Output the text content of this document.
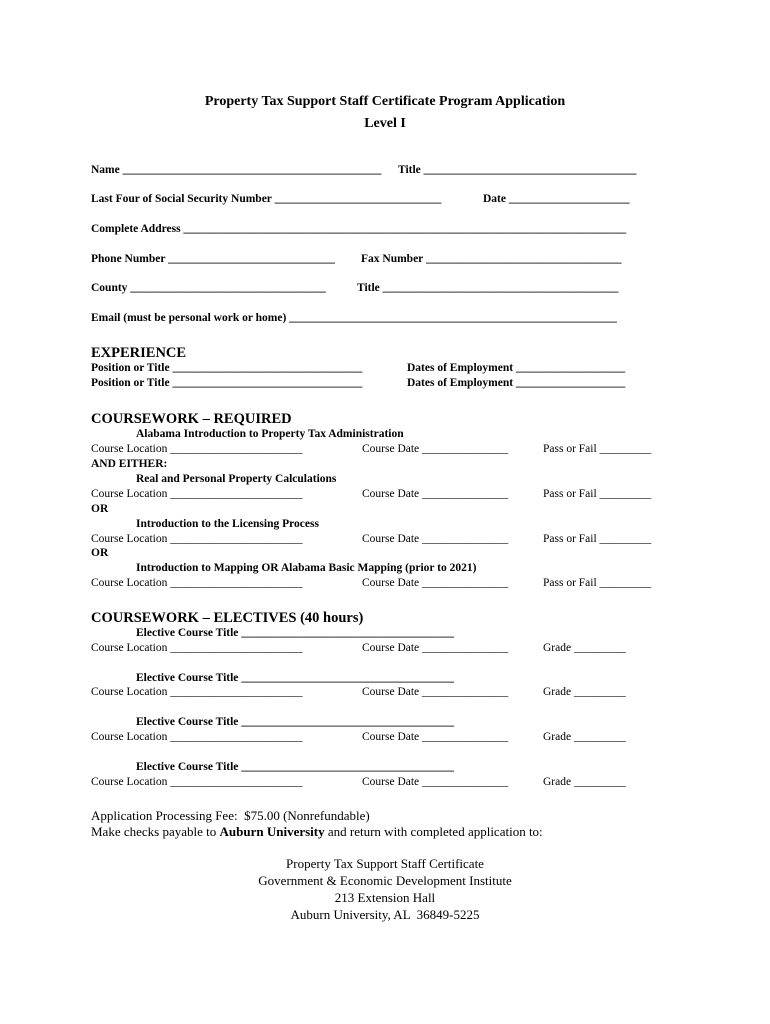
Property Tax Support Staff Certificate Program Application
Level I
Name _____________________________________________ Title _____________________________________
Last Four of Social Security Number _____________________________	Date _____________________
Complete Address _____________________________________________________________________________
Phone Number _____________________________ Fax Number __________________________________
County __________________________________	Title _________________________________________
Email (must be personal work or home) _________________________________________________________
EXPERIENCE
Position or Title _________________________________	Dates of Employment ___________________
Position or Title _________________________________	Dates of Employment ___________________
COURSEWORK – REQUIRED
Alabama Introduction to Property Tax Administration
Course Location _______________________	Course Date _______________	Pass or Fail _________
AND EITHER:
Real and Personal Property Calculations
Course Location _______________________	Course Date _______________	Pass or Fail _________
OR
Introduction to the Licensing Process
Course Location _______________________	Course Date _______________	Pass or Fail _________
OR
Introduction to Mapping OR Alabama Basic Mapping (prior to 2021)
Course Location _______________________	Course Date _______________	Pass or Fail _________
COURSEWORK – ELECTIVES (40 hours)
Elective Course Title _____________________________________
Course Location _______________________	Course Date _______________	Grade _________
Elective Course Title _____________________________________
Course Location _______________________	Course Date _______________	Grade _________
Elective Course Title _____________________________________
Course Location _______________________	Course Date _______________	Grade _________
Elective Course Title _____________________________________
Course Location _______________________	Course Date _______________	Grade _________
Application Processing Fee:  $75.00 (Nonrefundable)
Make checks payable to Auburn University and return with completed application to:
Property Tax Support Staff Certificate
Government & Economic Development Institute
213 Extension Hall
Auburn University, AL  36849-5225
